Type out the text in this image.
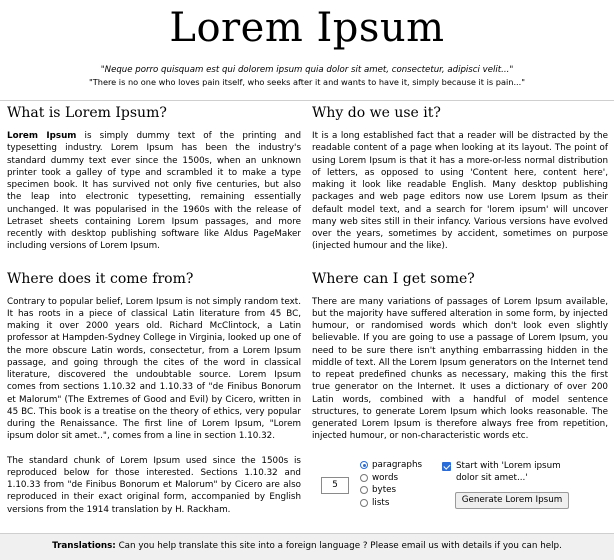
Lorem Ipsum

"Neque porro quisquam est qui dolorem ipsum quia dolor sit amet, consectetur, adipisci velit..."

"There is no one who loves pain itself, who seeks after it and wants to have it, simply because it is pain..."

What is Lorem Ipsum?

Lorem Ipsum is simply dummy text of the printing and typesetting industry. Lorem Ipsum has been the industry's standard dummy text ever since the 1500s, when an unknown printer took a galley of type and scrambled it to make a type specimen book. It has survived not only five centuries, but also the leap into electronic typesetting, remaining essentially unchanged. It was popularised in the 1960s with the release of Letraset sheets containing Lorem Ipsum passages, and more recently with desktop publishing software like Aldus PageMaker including versions of Lorem Ipsum.

Where does it come from?

Contrary to popular belief, Lorem Ipsum is not simply random text. It has roots in a piece of classical Latin literature from 45 BC, making it over 2000 years old. Richard McClintock, a Latin professor at Hampden-Sydney College in Virginia, looked up one of the more obscure Latin words, consectetur, from a Lorem Ipsum passage, and going through the cites of the word in classical literature, discovered the undoubtable source. Lorem Ipsum comes from sections 1.10.32 and 1.10.33 of "de Finibus Bonorum et Malorum" (The Extremes of Good and Evil) by Cicero, written in 45 BC. This book is a treatise on the theory of ethics, very popular during the Renaissance. The first line of Lorem Ipsum, "Lorem ipsum dolor sit amet..", comes from a line in section 1.10.32.

The standard chunk of Lorem Ipsum used since the 1500s is reproduced below for those interested. Sections 1.10.32 and 1.10.33 from "de Finibus Bonorum et Malorum" by Cicero are also reproduced in their exact original form, accompanied by English versions from the 1914 translation by H. Rackham.

Why do we use it?

It is a long established fact that a reader will be distracted by the readable content of a page when looking at its layout. The point of using Lorem Ipsum is that it has a more-or-less normal distribution of letters, as opposed to using 'Content here, content here', making it look like readable English. Many desktop publishing packages and web page editors now use Lorem Ipsum as their default model text, and a search for 'lorem ipsum' will uncover many web sites still in their infancy. Various versions have evolved over the years, sometimes by accident, sometimes on purpose (injected humour and the like).

Where can I get some?

There are many variations of passages of Lorem Ipsum available, but the majority have suffered alteration in some form, by injected humour, or randomised words which don't look even slightly believable. If you are going to use a passage of Lorem Ipsum, you need to be sure there isn't anything embarrassing hidden in the middle of text. All the Lorem Ipsum generators on the Internet tend to repeat predefined chunks as necessary, making this the first true generator on the Internet. It uses a dictionary of over 200 Latin words, combined with a handful of model sentence structures, to generate Lorem Ipsum which looks reasonable. The generated Lorem Ipsum is therefore always free from repetition, injected humour, or non-characteristic words etc.

5
paragraphs
words
bytes
lists
Start with 'Lorem ipsum dolor sit amet...'
Generate Lorem Ipsum
Translations: Can you help translate this site into a foreign language ? Please email us with details if you can help.
